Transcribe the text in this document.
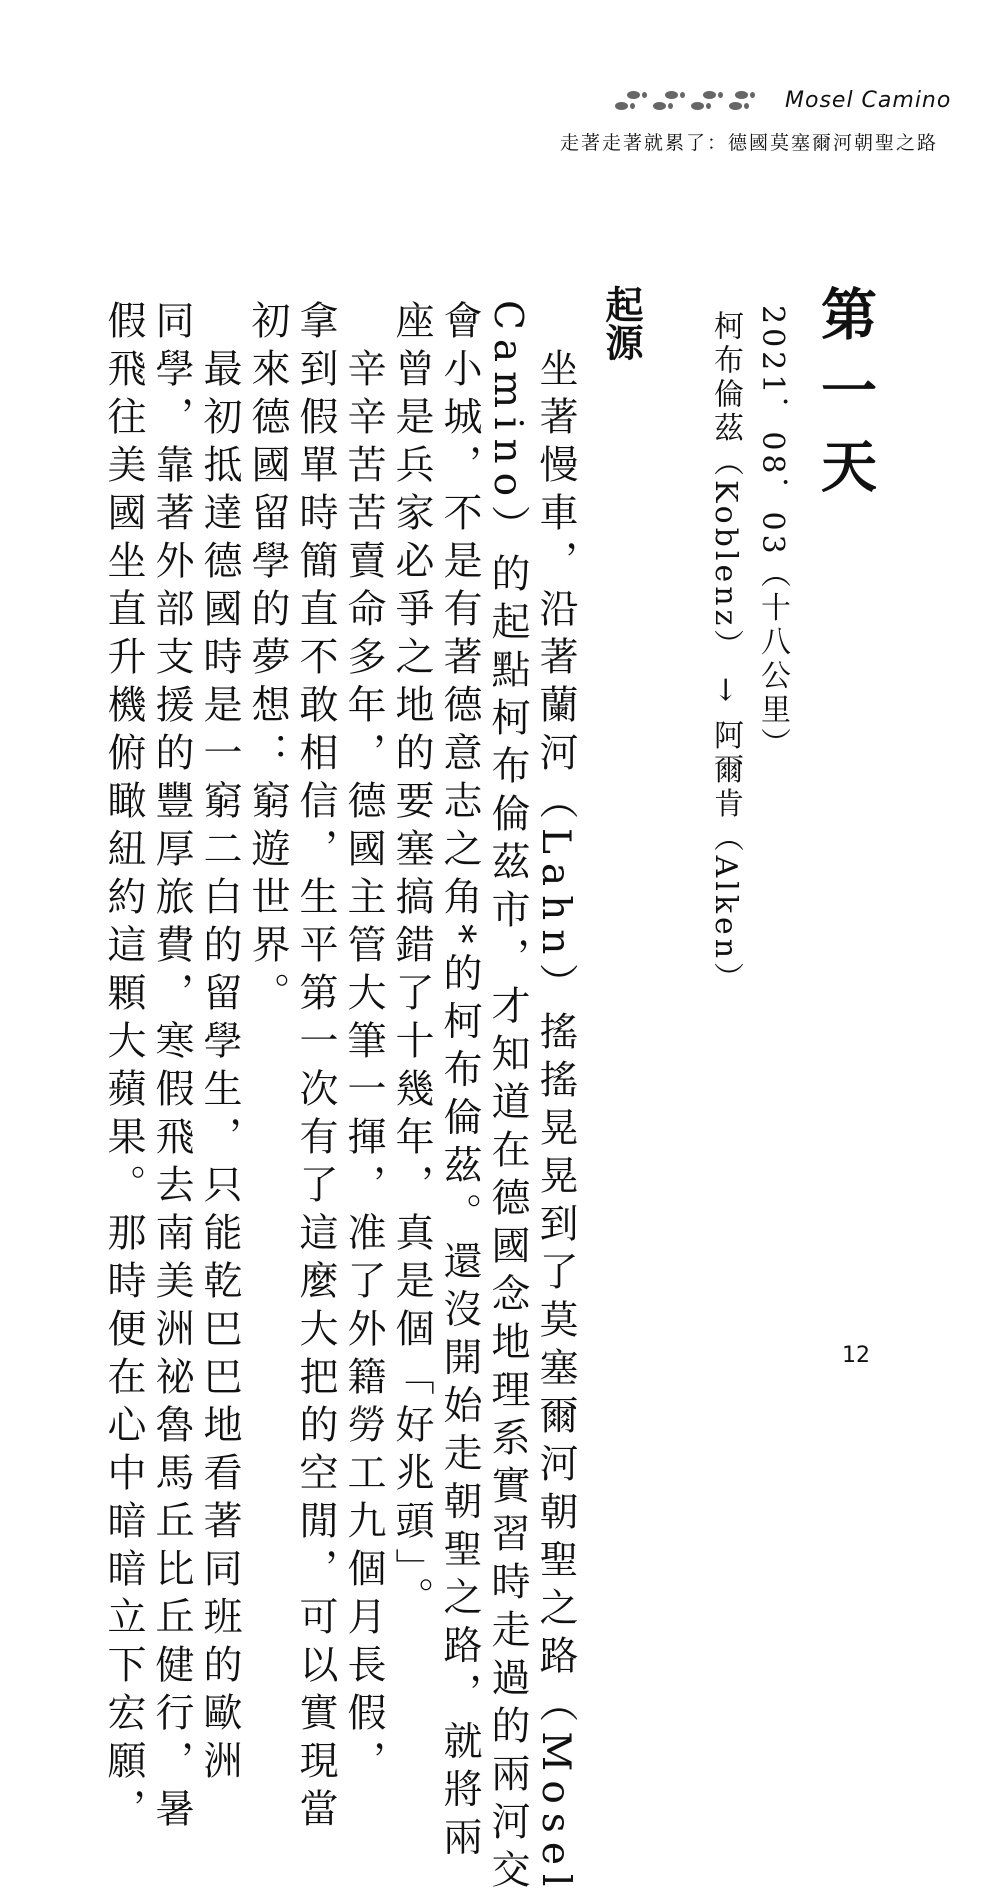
Mosel Camino
走著走著就累了：德國莫塞爾河朝聖之路
第一天
2021．08．03（十八公里）
柯布倫茲（Koblenz） → 阿爾肯（Alken）
起源
　坐著慢車，沿著蘭河（Lahn）搖搖晃晃到了莫塞爾河朝聖之路（Mosel
Camino）的起點柯布倫茲市，才知道在德國念地理系實習時走過的兩河交
會小城，不是有著德意志之角*的柯布倫茲。還沒開始走朝聖之路，就將兩
座曾是兵家必爭之地的要塞搞錯了十幾年，真是個「好兆頭」。
　辛辛苦苦賣命多年，德國主管大筆一揮，准了外籍勞工九個月長假，
拿到假單時簡直不敢相信，生平第一次有了這麼大把的空閒，可以實現當
初來德國留學的夢想：窮遊世界。
　最初抵達德國時是一窮二白的留學生，只能乾巴巴地看著同班的歐洲
同學，靠著外部支援的豐厚旅費，寒假飛去南美洲祕魯馬丘比丘健行，暑
假飛往美國坐直升機俯瞰紐約這顆大蘋果。那時便在心中暗暗立下宏願，	12
